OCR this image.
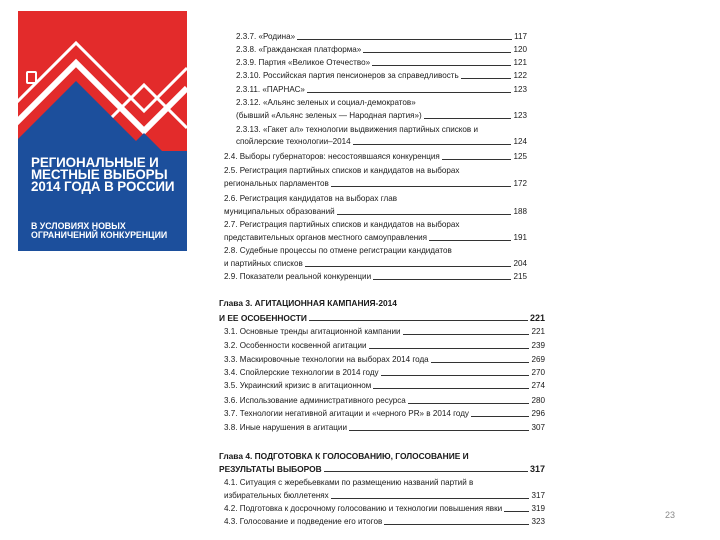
РЕГИОНАЛЬНЫЕ И МЕСТНЫЕ ВЫБОРЫ 2014 ГОДА В РОССИИ
В УСЛОВИЯХ НОВЫХ ОГРАНИЧЕНИЙ КОНКУРЕНЦИИ
2.3.7. «Родина»	117
2.3.8. «Гражданская платформа»	120
2.3.9. Партия «Великое Отечество»	121
2.3.10. Российская партия пенсионеров за справедливость	122
2.3.11. «ПАРНАС»	123
2.3.12. «Альянс зеленых и социал-демократов»
(бывший «Альянс зеленых — Народная партия»)	123
2.3.13. «Гакет ал» технологии выдвижения партийных списков и
спойлерские технологии–2014	124
2.4. Выборы губернаторов: несостоявшаяся конкуренция	125
2.5. Регистрация партийных списков и кандидатов на выборах
региональных парламентов	172
2.6. Регистрация кандидатов на выборах глав
муниципальных образований	188
2.7. Регистрация партийных списков и кандидатов на выборах
представительных органов местного самоуправления	191
2.8. Судебные процессы по отмене регистрации кандидатов
и партийных списков	204
2.9. Показатели реальной конкуренции	215
Глава 3. АГИТАЦИОННАЯ КАМПАНИЯ-2014
И ЕЕ ОСОБЕННОСТИ	221
3.1. Основные тренды агитационной кампании	221
3.2. Особенности косвенной агитации	239
3.3. Маскировочные технологии на выборах 2014 года	269
3.4. Спойлерские технологии в 2014 году	270
3.5. Украинский кризис в агитационном	274
3.6. Использование административного ресурса	280
3.7. Технологии негативной агитации и «черного PR» в 2014 году	296
3.8. Иные нарушения в агитации	307
Глава 4. ПОДГОТОВКА К ГОЛОСОВАНИЮ, ГОЛОСОВАНИЕ И
РЕЗУЛЬТАТЫ ВЫБОРОВ	317
4.1. Ситуация с жеребьевками по размещению названий партий в
избирательных бюллетенях	317
4.2. Подготовка к досрочному голосованию и технологии повышения явки	319
4.3. Голосование и подведение его итогов	323
23
